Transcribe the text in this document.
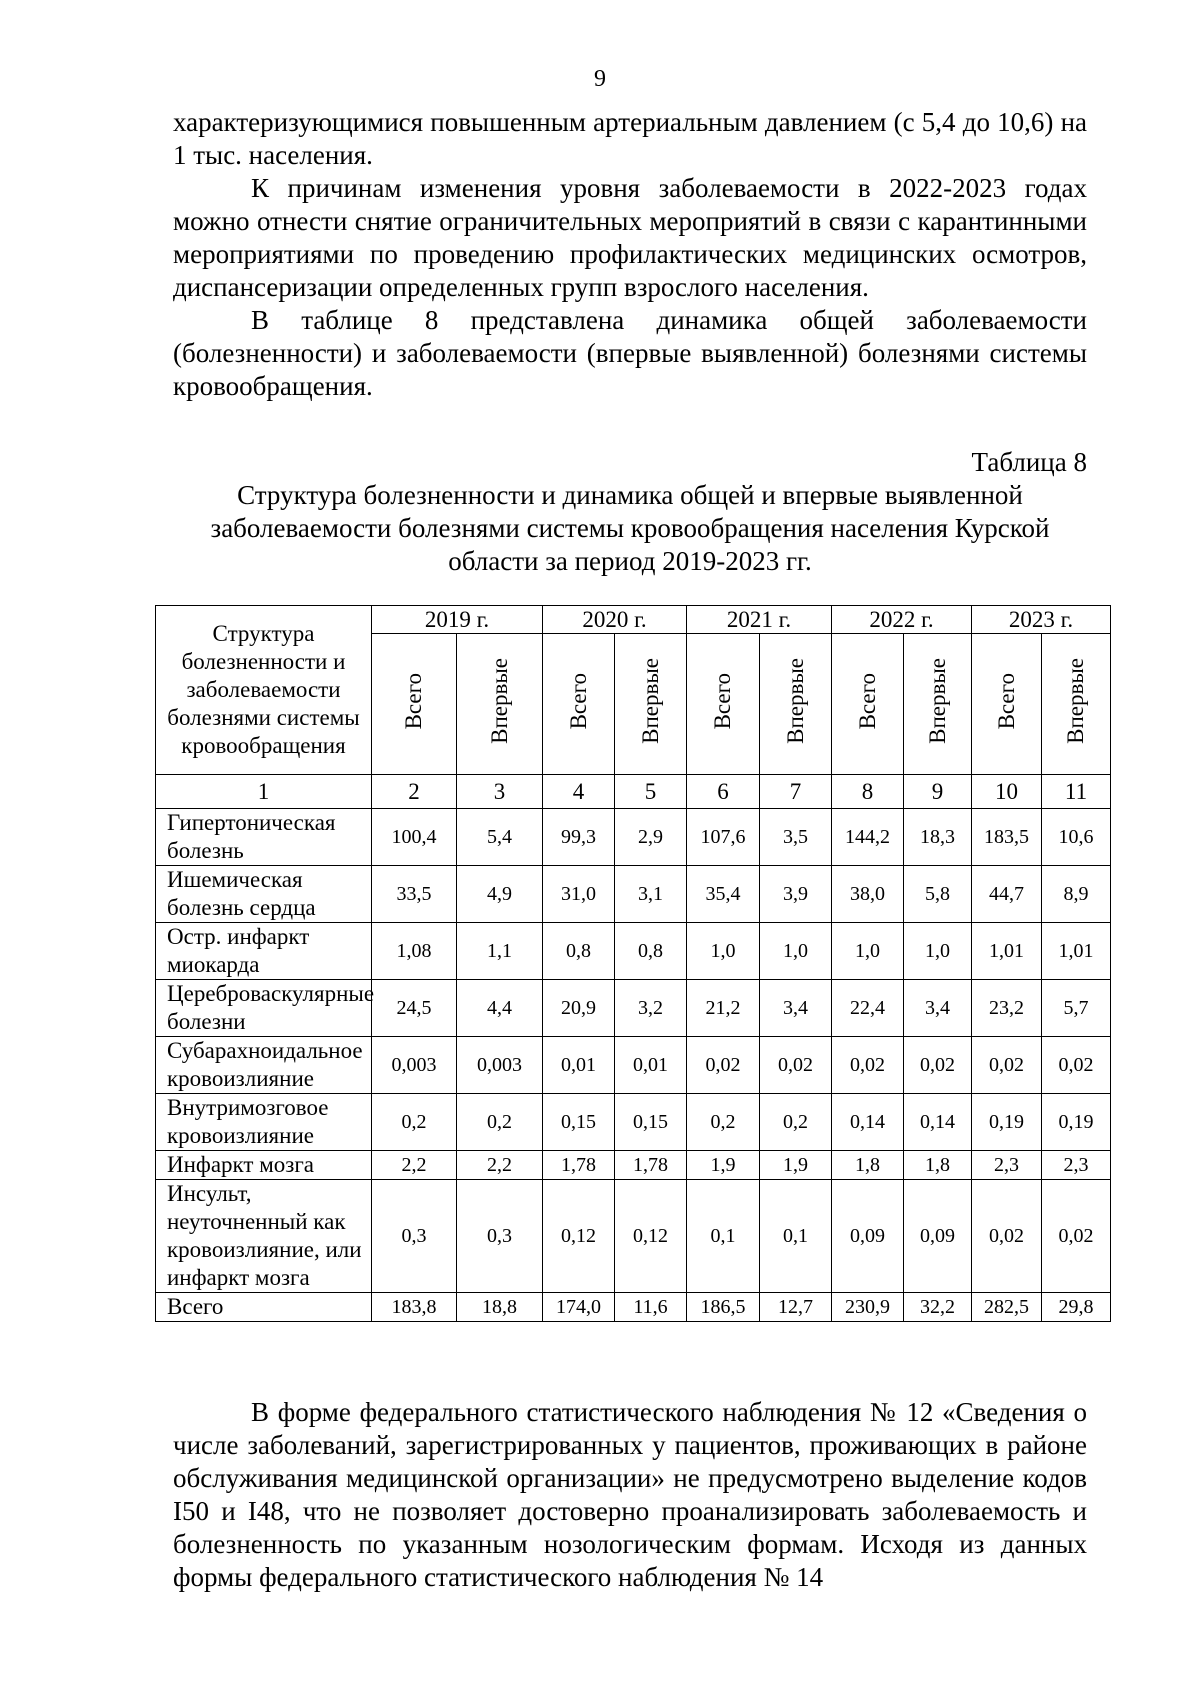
9

характеризующимися повышенным артериальным давлением (с 5,4 до 10,6) на 1 тыс. населения.

К причинам изменения уровня заболеваемости в 2022-2023 годах можно отнести снятие ограничительных мероприятий в связи с карантинными мероприятиями по проведению профилактических медицинских осмотров, диспансеризации определенных групп взрослого населения.

В таблице 8 представлена динамика общей заболеваемости (болезненности) и заболеваемости (впервые выявленной) болезнями системы кровообращения.

Таблица 8
Структура болезненности и динамика общей и впервые выявленной заболеваемости болезнями системы кровообращения населения Курской области за период 2019-2023 гг.
Структура болезненности и заболеваемости болезнями системы кровообращения	2019 г.		2020 г.		2021 г.		2022 г.		2023 г.	
	Всего	Впервые	Всего	Впервые	Всего	Впервые	Всего	Впервые	Всего	Впервые
1	2	3	4	5	6	7	8	9	10	11
Гипертоническая болезнь	100,4	5,4	99,3	2,9	107,6	3,5	144,2	18,3	183,5	10,6
Ишемическая болезнь сердца	33,5	4,9	31,0	3,1	35,4	3,9	38,0	5,8	44,7	8,9
Остр. инфаркт миокарда	1,08	1,1	0,8	0,8	1,0	1,0	1,0	1,0	1,01	1,01
Цереброваскулярные болезни	24,5	4,4	20,9	3,2	21,2	3,4	22,4	3,4	23,2	5,7
Субарахноидальное кровоизлияние	0,003	0,003	0,01	0,01	0,02	0,02	0,02	0,02	0,02	0,02
Внутримозговое кровоизлияние	0,2	0,2	0,15	0,15	0,2	0,2	0,14	0,14	0,19	0,19
Инфаркт мозга	2,2	2,2	1,78	1,78	1,9	1,9	1,8	1,8	2,3	2,3
Инсульт, неуточненный как кровоизлияние, или инфаркт мозга	0,3	0,3	0,12	0,12	0,1	0,1	0,09	0,09	0,02	0,02
Всего	183,8	18,8	174,0	11,6	186,5	12,7	230,9	32,2	282,5	29,8

В форме федерального статистического наблюдения № 12 «Сведения о числе заболеваний, зарегистрированных у пациентов, проживающих в районе обслуживания медицинской организации» не предусмотрено выделение кодов I50 и I48, что не позволяет достоверно проанализировать заболеваемость и болезненность по указанным нозологическим формам. Исходя из данных формы федерального статистического наблюдения № 14
